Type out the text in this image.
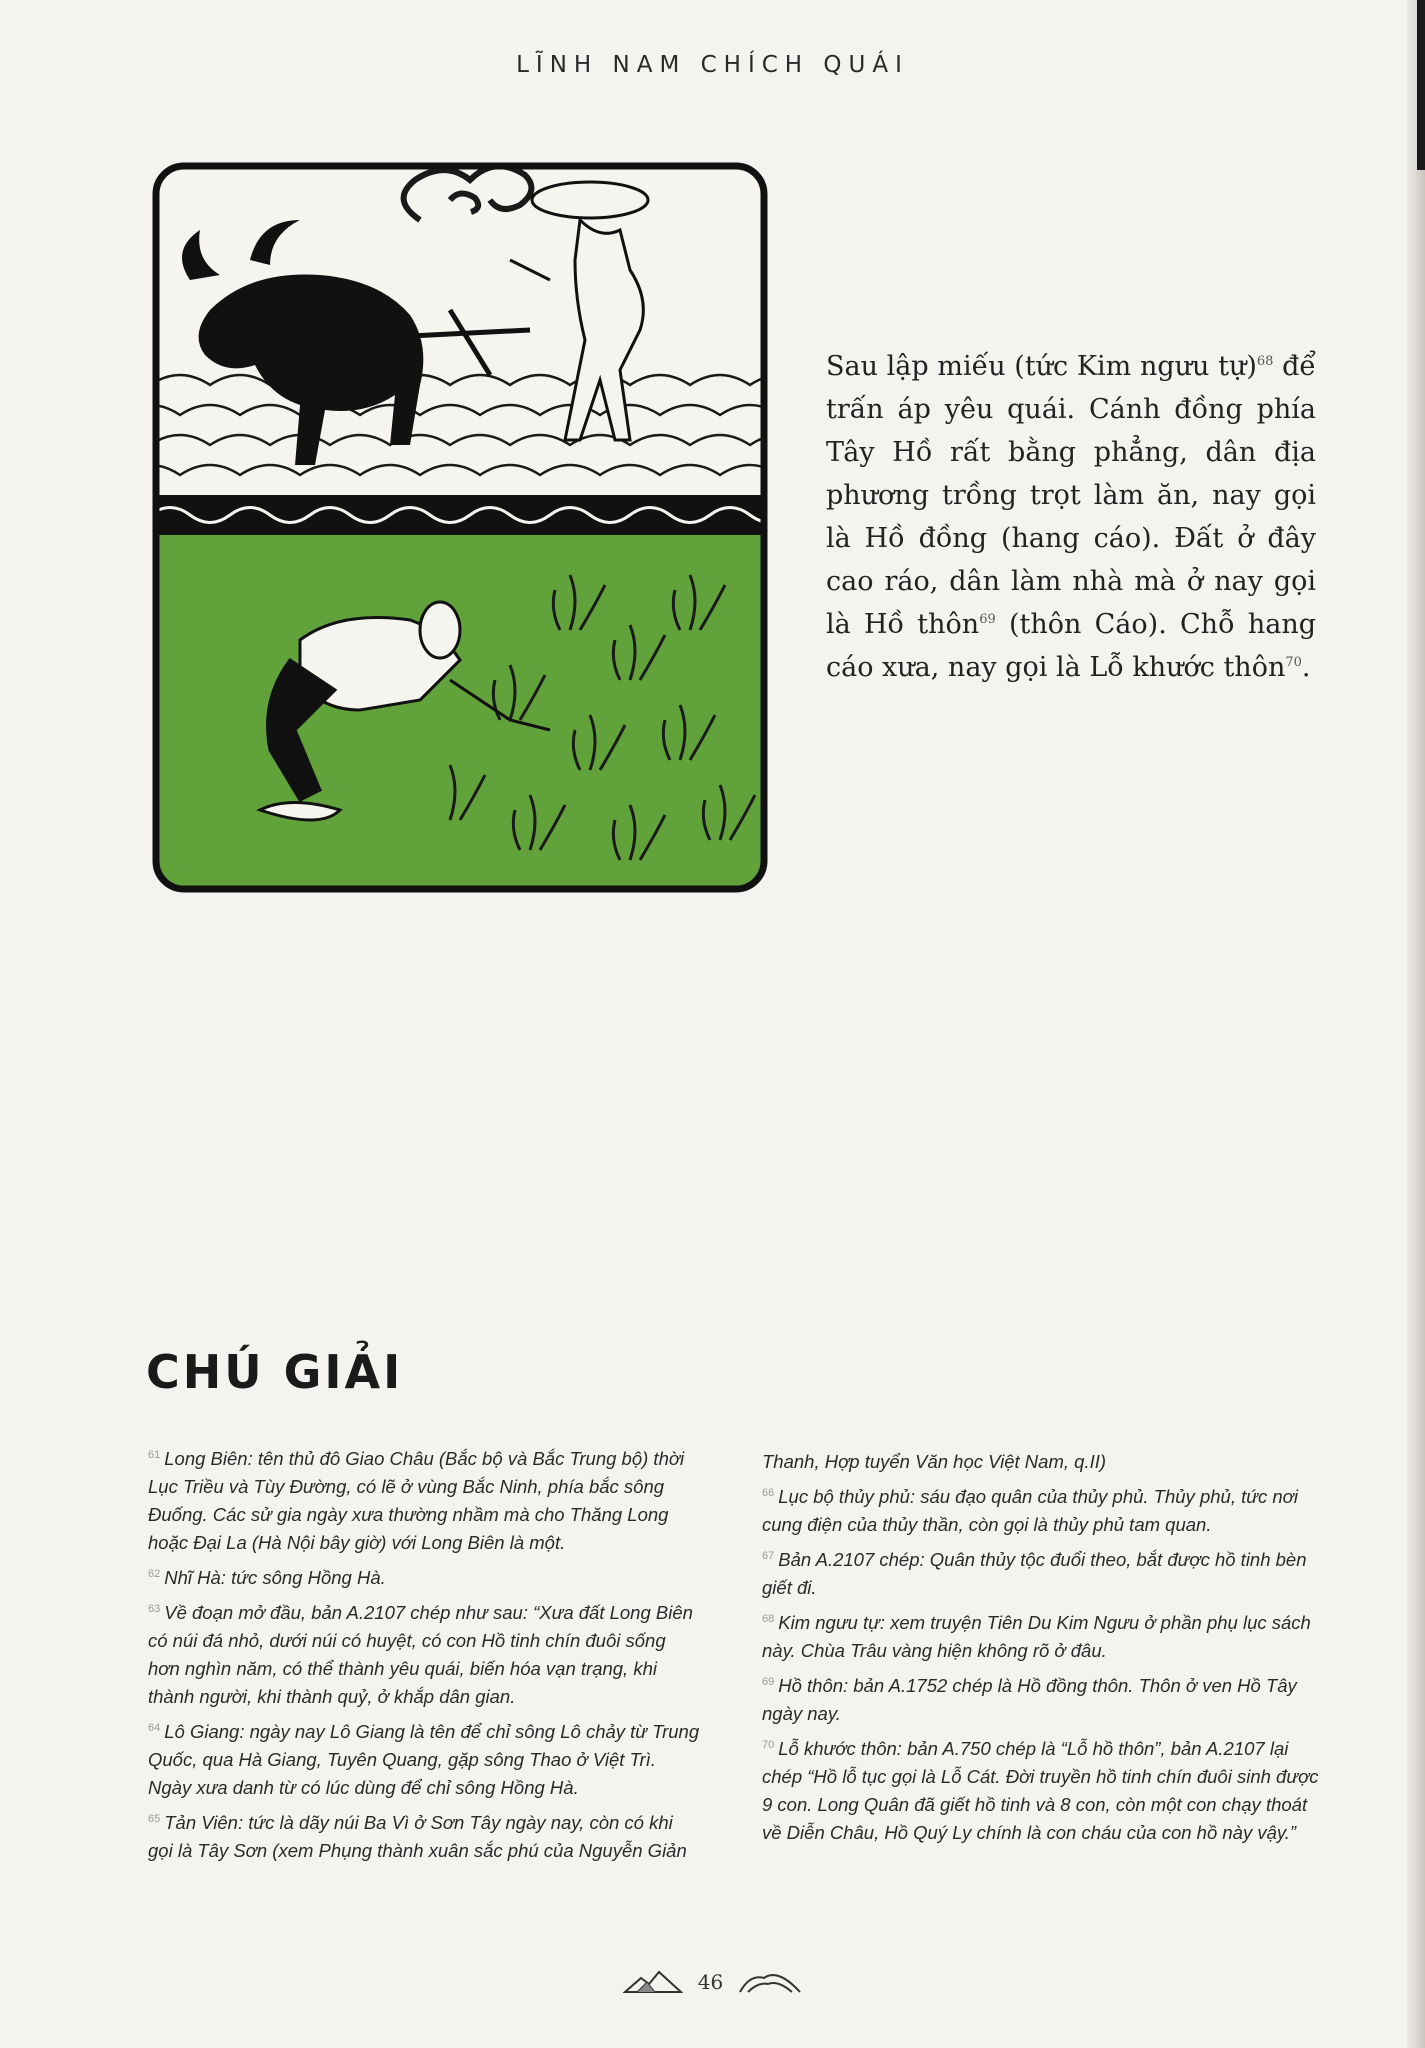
LĨNH NAM CHÍCH QUÁI
Sau lập miếu (tức Kim ngưu tự)$^{68}$ để trấn áp yêu quái. Cánh đồng phía Tây Hồ rất bằng phẳng, dân địa phương trồng trọt làm ăn, nay gọi là Hồ đồng (hang cáo). Đất ở đây cao ráo, dân làm nhà mà ở nay gọi là Hồ thôn$^{69}$ (thôn Cáo). Chỗ hang cáo xưa, nay gọi là Lỗ khước thôn$^{70}$.
CHÚ GIẢI

$^{61}$ Long Biên: tên thủ đô Giao Châu (Bắc bộ và Bắc Trung bộ) thời Lục Triều và Tùy Đường, có lẽ ở vùng Bắc Ninh, phía bắc sông Đuống. Các sử gia ngày xưa thường nhầm mà cho Thăng Long hoặc Đại La (Hà Nội bây giờ) với Long Biên là một.

$^{62}$ Nhĩ Hà: tức sông Hồng Hà.

$^{63}$ Về đoạn mở đầu, bản A.2107 chép như sau: “Xưa đất Long Biên có núi đá nhỏ, dưới núi có huyệt, có con Hồ tinh chín đuôi sống hơn nghìn năm, có thể thành yêu quái, biến hóa vạn trạng, khi thành người, khi thành quỷ, ở khắp dân gian.

$^{64}$ Lô Giang: ngày nay Lô Giang là tên để chỉ sông Lô chảy từ Trung Quốc, qua Hà Giang, Tuyên Quang, gặp sông Thao ở Việt Trì. Ngày xưa danh từ có lúc dùng để chỉ sông Hồng Hà.

$^{65}$ Tản Viên: tức là dãy núi Ba Vì ở Sơn Tây ngày nay, còn có khi gọi là Tây Sơn (xem Phụng thành xuân sắc phú của Nguyễn Giản

Thanh, Hợp tuyển Văn học Việt Nam, q.II)

$^{66}$ Lục bộ thủy phủ: sáu đạo quân của thủy phủ. Thủy phủ, tức nơi cung điện của thủy thần, còn gọi là thủy phủ tam quan.

$^{67}$ Bản A.2107 chép: Quân thủy tộc đuổi theo, bắt được hồ tinh bèn giết đi.

$^{68}$ Kim ngưu tự: xem truyện Tiên Du Kim Ngưu ở phần phụ lục sách này. Chùa Trâu vàng hiện không rõ ở đâu.

$^{69}$ Hồ thôn: bản A.1752 chép là Hồ đồng thôn. Thôn ở ven Hồ Tây ngày nay.

$^{70}$ Lỗ khước thôn: bản A.750 chép là “Lỗ hồ thôn”, bản A.2107 lại chép “Hồ lỗ tục gọi là Lỗ Cát. Đời truyền hồ tinh chín đuôi sinh được 9 con. Long Quân đã giết hồ tinh và 8 con, còn một con chạy thoát về Diễn Châu, Hồ Quý Ly chính là con cháu của con hồ này vậy.”

46
